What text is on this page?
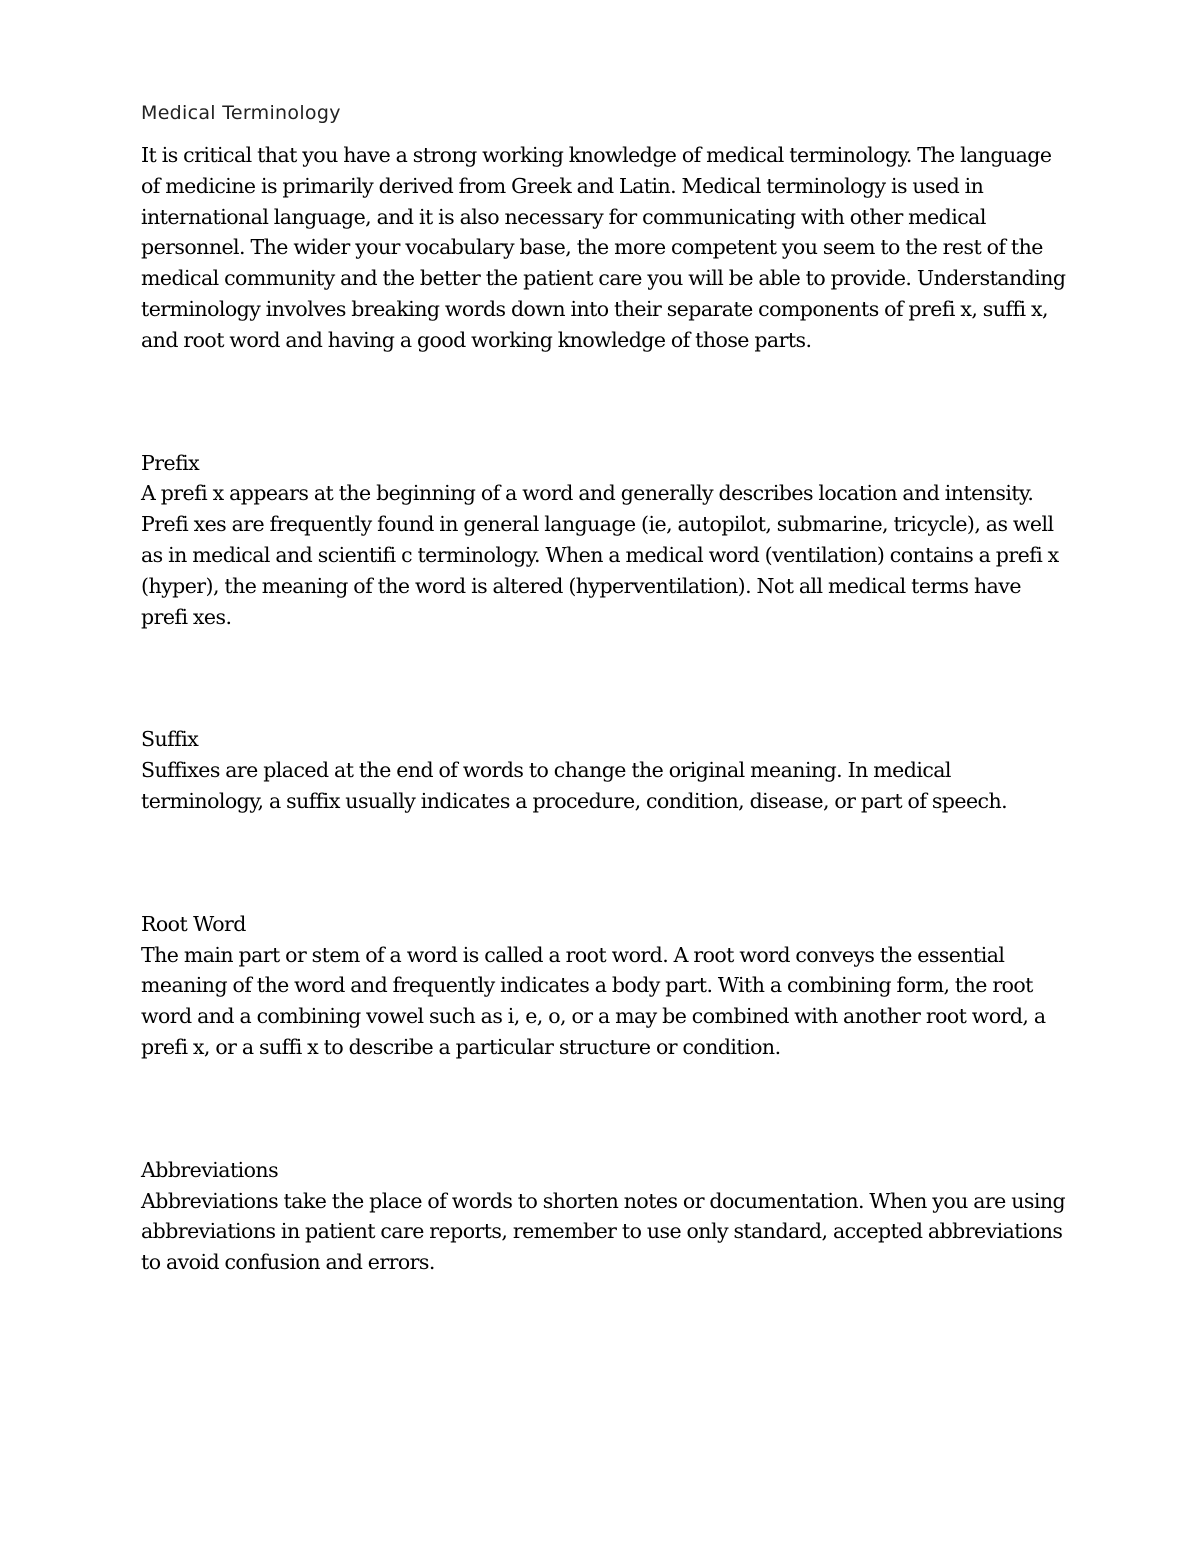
Medical Terminology

It is critical that you have a strong working knowledge of medical terminology. The language of medicine is primarily derived from Greek and Latin. Medical terminology is used in international language, and it is also necessary for communicating with other medical personnel. The wider your vocabulary base, the more competent you seem to the rest of the medical community and the better the patient care you will be able to provide. Understanding terminology involves breaking words down into their separate components of prefi x, suffi x, and root word and having a good working knowledge of those parts.

Prefix

A prefi x appears at the beginning of a word and generally describes location and intensity. Prefi xes are frequently found in general language (ie, autopilot, submarine, tricycle), as well as in medical and scientifi c terminology. When a medical word (ventilation) contains a prefi x (hyper), the meaning of the word is altered (hyperventilation). Not all medical terms have prefi xes.

Suffix

Suffixes are placed at the end of words to change the original meaning. In medical terminology, a suffix usually indicates a procedure, condition, disease, or part of speech.

Root Word

The main part or stem of a word is called a root word. A root word conveys the essential meaning of the word and frequently indicates a body part. With a combining form, the root word and a combining vowel such as i, e, o, or a may be combined with another root word, a prefi x, or a suffi x to describe a particular structure or condition.

Abbreviations

Abbreviations take the place of words to shorten notes or documentation. When you are using abbreviations in patient care reports, remember to use only standard, accepted abbreviations to avoid confusion and errors.
